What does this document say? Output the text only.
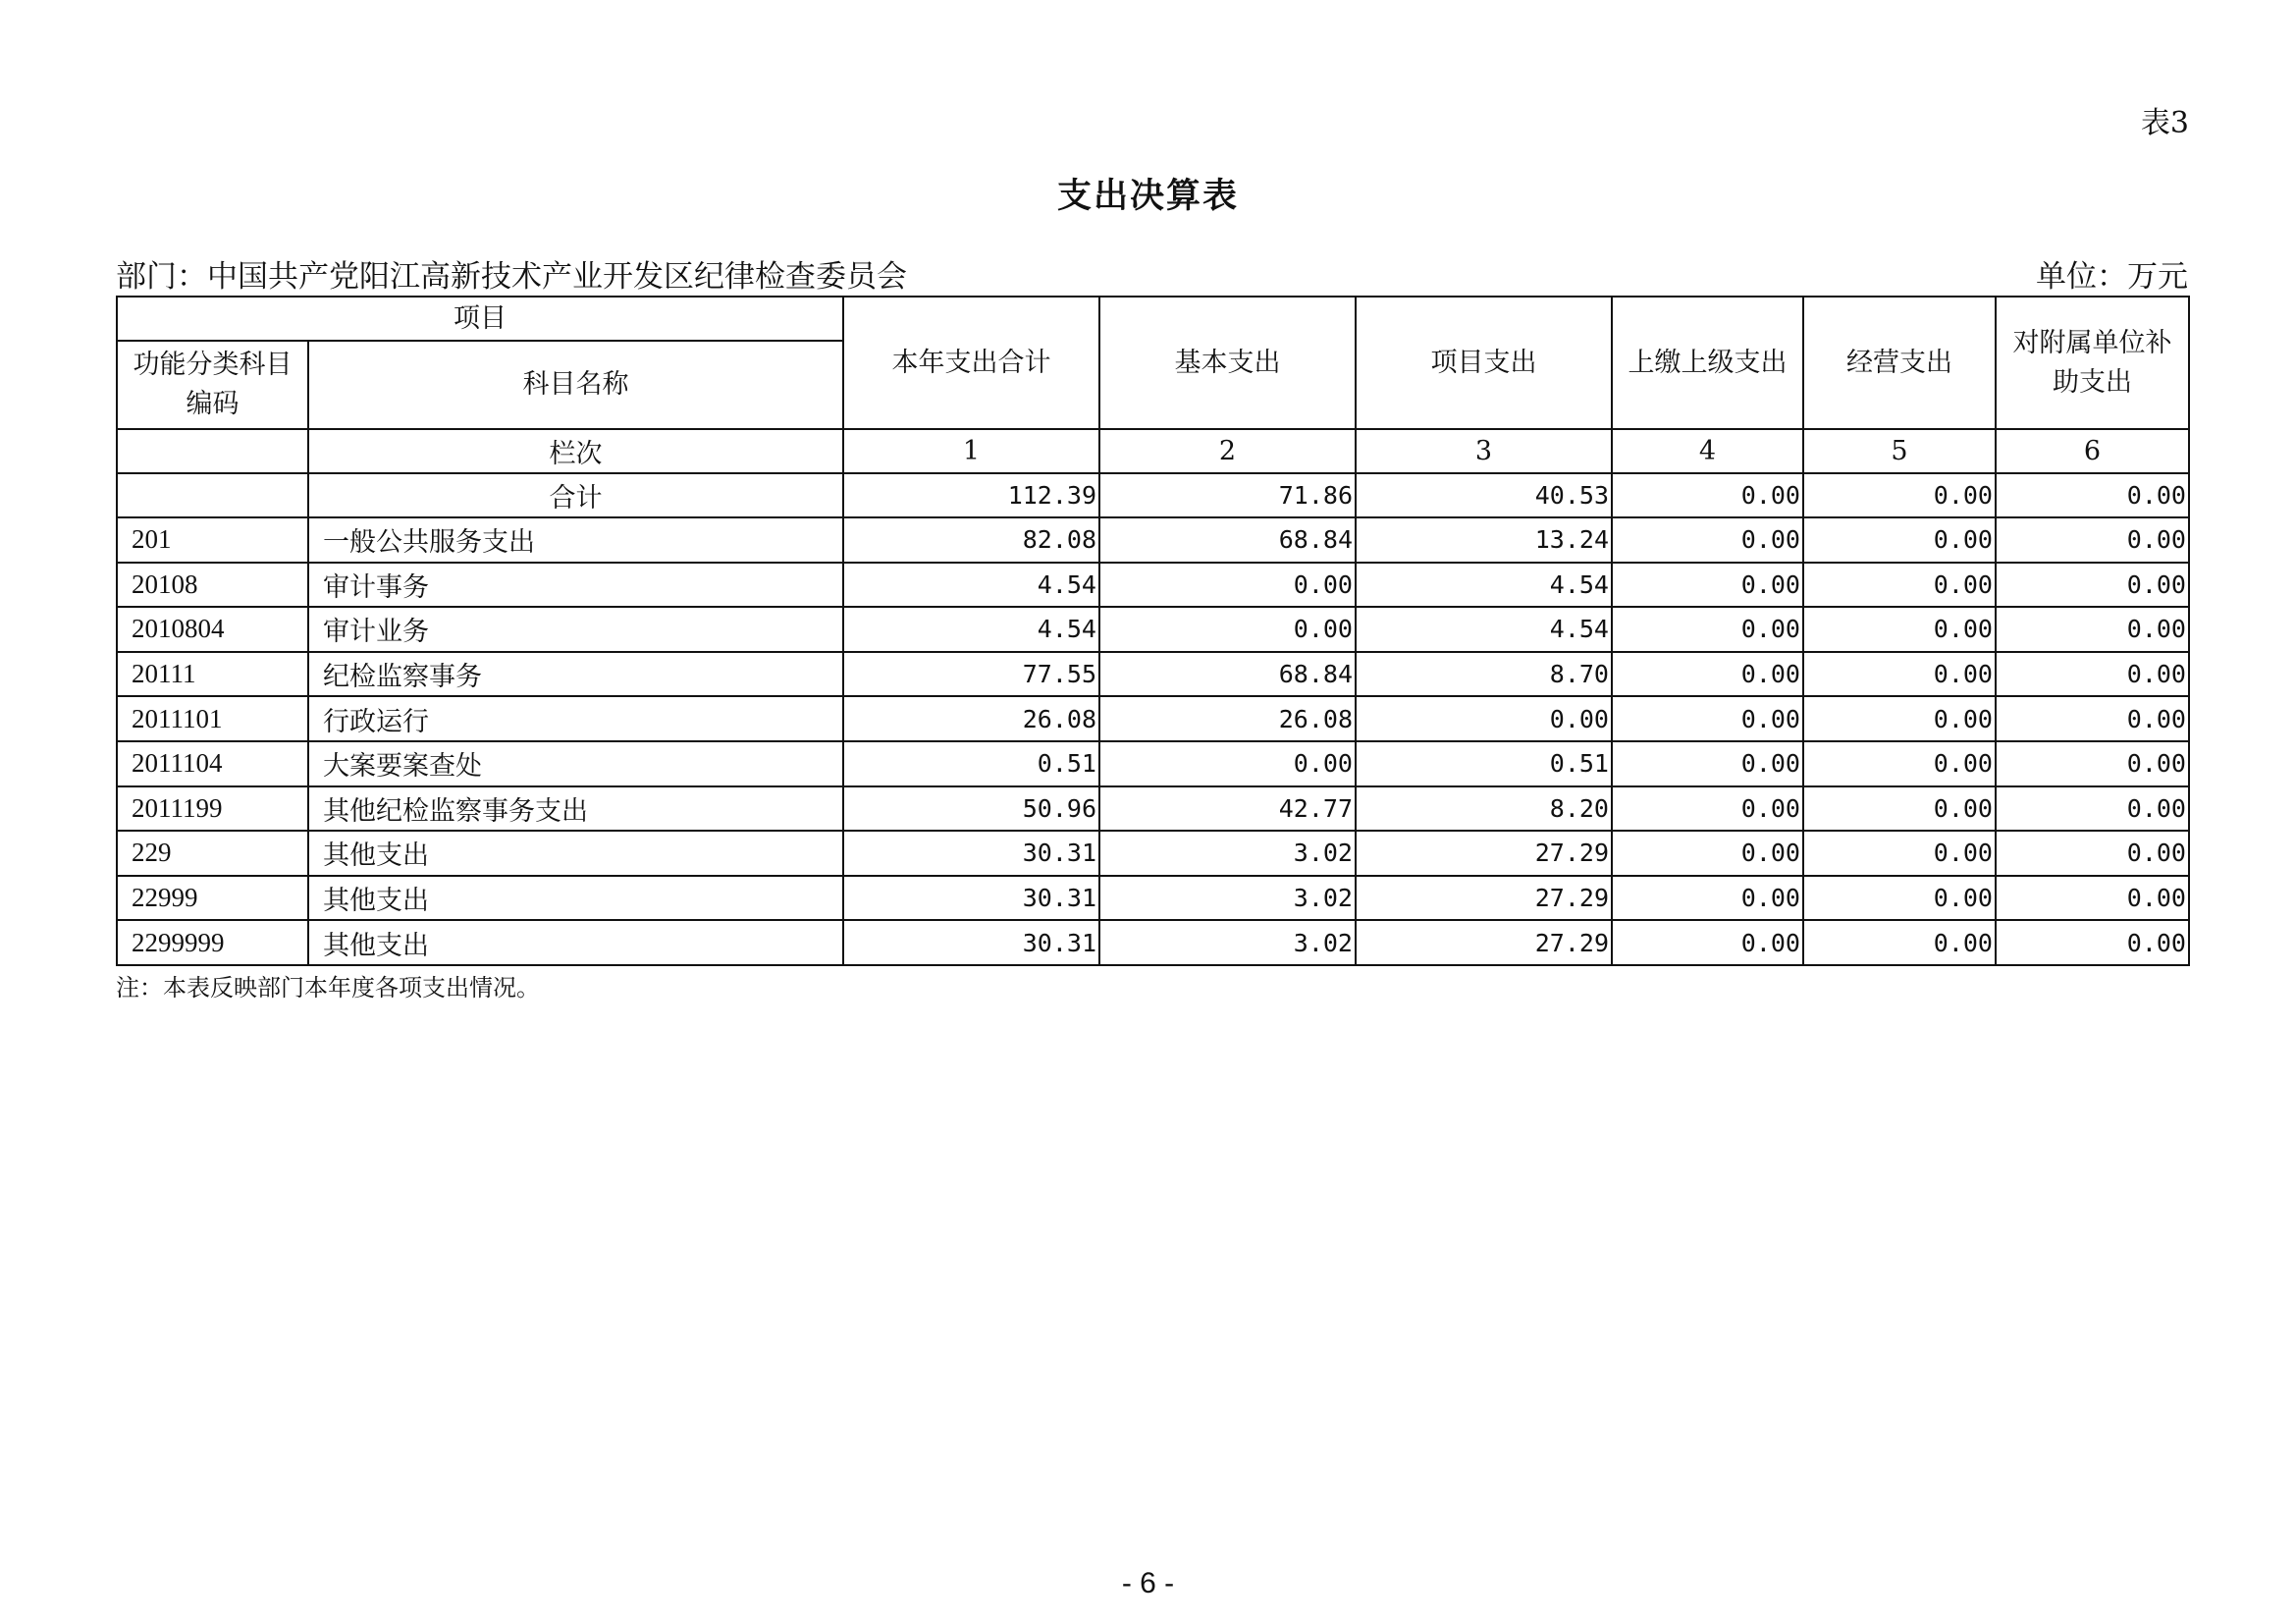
表3
支出决算表
部门：中国共产党阳江高新技术产业开发区纪律检查委员会	单位：万元
项目		本年支出合计	基本支出	项目支出	上缴上级支出	经营支出	对附属单位补助支出
功能分类科目编码	科目名称						
	栏次	1	2	3	4	5	6
	合计	112.39	71.86	40.53	0.00	0.00	0.00
201	一般公共服务支出	82.08	68.84	13.24	0.00	0.00	0.00
20108	审计事务	4.54	0.00	4.54	0.00	0.00	0.00
2010804	审计业务	4.54	0.00	4.54	0.00	0.00	0.00
20111	纪检监察事务	77.55	68.84	8.70	0.00	0.00	0.00
2011101	行政运行	26.08	26.08	0.00	0.00	0.00	0.00
2011104	大案要案查处	0.51	0.00	0.51	0.00	0.00	0.00
2011199	其他纪检监察事务支出	50.96	42.77	8.20	0.00	0.00	0.00
229	其他支出	30.31	3.02	27.29	0.00	0.00	0.00
22999	其他支出	30.31	3.02	27.29	0.00	0.00	0.00
2299999	其他支出	30.31	3.02	27.29	0.00	0.00	0.00
注：本表反映部门本年度各项支出情况。
- 6 -
